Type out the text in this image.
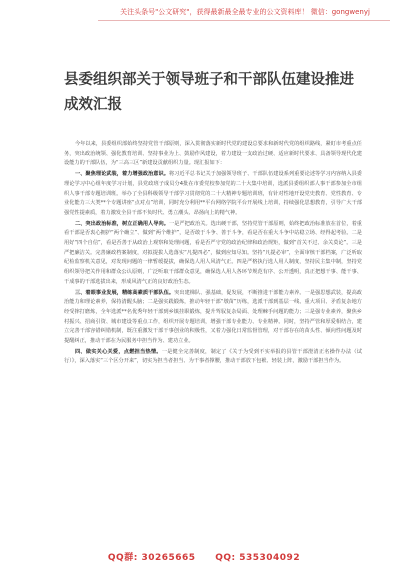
关注头条号"公文研究"，获得最新最全最专业的公文资料库！ 微信：gongwenyj
县委组织部关于领导班子和干部队伍建设推进成效汇报

今年以来，县委组织部始终坚持党管干部原则，深入贯彻落实新时代党的建设总要求和新时代党的组织路线，紧盯市考重点任务，突出政治统领、强化教育培训、坚持事业为上、鼓励作风建设，着力建设一支政治过硬、适应新时代要求、具备领导现代化建设能力的干部队伍，为“三高三区”新建设贡献组织力量。现汇报如下：

一、聚焦理论武装，着力增强政治意识。将习近平总书记关于加强领导班子、干部队伍建设系列重要论述等学习内容纳入县委理论学习中心组年度学习计划，县党政班子成员分4批在市委党校参加党的二十大集中培训，选派县委组织部人事干部参加全市组织人事干部专题培训班。举办了全县科级领导干部学习贯彻党的二十大精神专题培训班，有针对性地开设党史教育、党性教育、专业化能力三大类**个专题讲座“点对点”培训，同时充分利用**平台网络学院平台开展线上培训，持续强化思想教育，引导广大干部强党性提素质，着力激发全县干部不负时代、勇立潮头、昂扬向上的精气神。

二、突出政治标准，树立正确用人导向。一是严把政治关。选出硬干部，坚持党管干部原则，始终把政治标准放在首位，着重看干部是否衷心拥护“两个确立”、做到“两个维护”，是否敢于斗争、善于斗争，看是否在重大斗争中站稳立场、经得起考验。二是用好“四个自信”，看是否善于从政治上观察和处理问题，看是否严守党的政治纪律和政治规矩，做到“首关不过、余关莫论”。三是严把廉洁关。完善廉政档案制度，对拟提拔人选落实“凡提四必”，做到应知尽知。坚持“凡提必审”，全面审核干部档案，广泛听取纪检监察机关意见，对发现问题的一律暂缓提拔，确保选人用人风清气正。四是严格执行选人用人制度，坚持民主集中制，坚持党组织领导把关作用和群众公认原则，广泛听取干部群众意见，确保选人用人各环节规范有序、公开透明，真正把想干事、能干事、干成事的干部选拔出来，形成风清气正的良好政治生态。

三、着眼事业发展，精练高素质干部队伍。突出建梯队、强基础，促发展，不断推进干部能力素养。一是强思想武装，提高政治能力和理论素养，保持清醒头脑；二是强实践锻炼，推动年轻干部“墩苗”历练，选派干部到基层一线、重大项目、矛盾复杂地方经受摔打磨炼，全年选派**名优秀年轻干部到乡镇挂职锻炼，提升驾驭复杂局面、处理棘手问题的能力；三是强专业素养，聚焦乡村振兴、招商引资、城市建设等重点工作，组织开展专题培训，增强干部专业能力、专业精神。同时，坚持严管和厚爱相结合，建立完善干部容错纠错机制，既注重激发干部干事创业的积极性，又着力强化日常监督管理，对干部存在的苗头性、倾向性问题及时提醒纠正，推动干部在为民服务中担当作为、建功立业。

四、做实关心关爱，点燃担当热情。一是健全完善制度，制定了《关于为受到不实举报的县管干部澄清正名操作办法（试行）》，深入落实“三个区分开来”，切实为担当者担当、为干事者撑腰，推动干部放下包袱、轻装上阵，激励干部担当作为。

QQ群: 30265665 QQ: 535304092
